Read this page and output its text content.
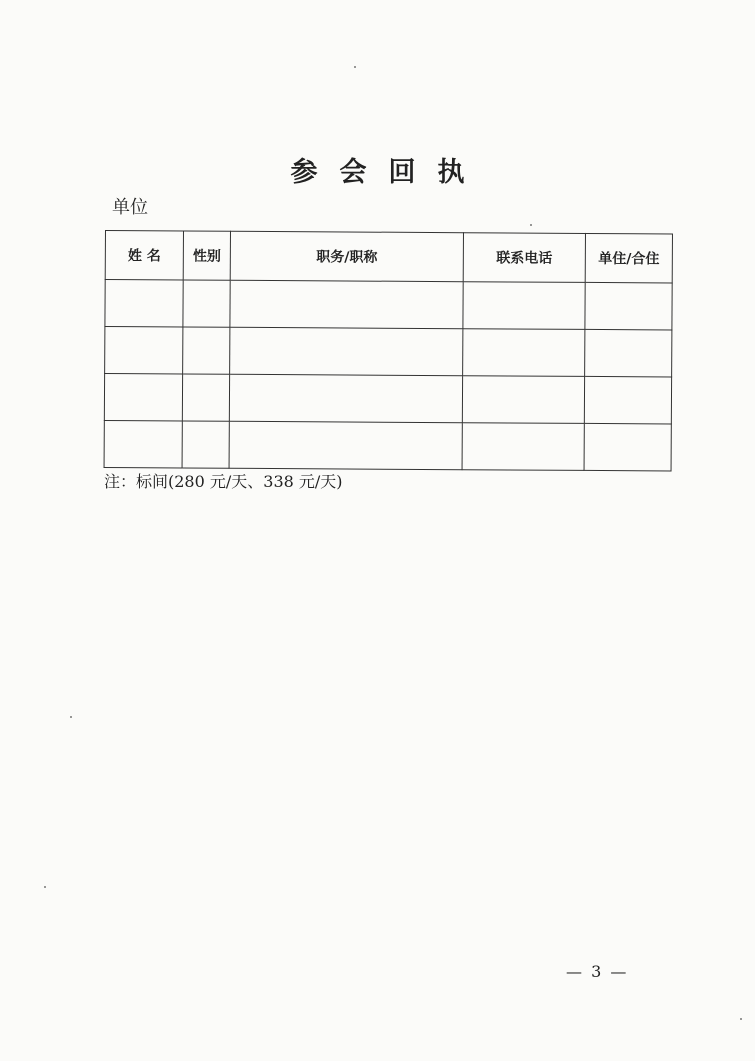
参会回执
单位
姓 名	性别	职务/职称	联系电话	单住/合住

注：标间(280 元/天、338 元/天)
— 3 —
